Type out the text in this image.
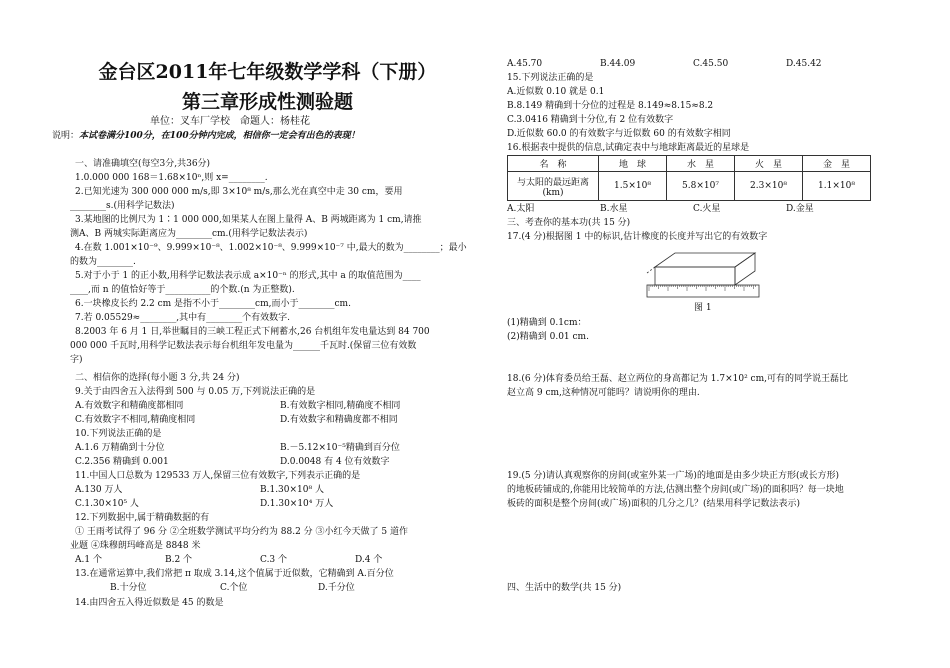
金台区2011年七年级数学学科（下册）
第三章形成性测验题
单位：叉车厂学校　命题人：杨桂花
说明：本试卷满分100分，在100分钟内完成，相信你一定会有出色的表现！
一、请准确填空(每空3分,共36分)
1.0.000 000 168＝1.68×10ⁿ,则 x=________.
2.已知光速为 300 000 000 m/s,即 3×10⁸ m/s,那么光在真空中走 30 cm，要用
________s.(用科学记数法)
3.某地图的比例尺为 1∶1 000 000,如果某人在图上量得 A、B 两城距离为 1 cm,请推
测A、B 两城实际距离应为________cm.(用科学记数法表示)
4.在数 1.001×10⁻⁹、9.999×10⁻⁸、1.002×10⁻⁸、9.999×10⁻⁷ 中,最大的数为________；最小
的数为________.
5.对于小于 1 的正小数,用科学记数法表示成 a×10⁻ⁿ 的形式,其中 a 的取值范围为____
____,而 n 的值恰好等于__________的个数.(n 为正整数).
6.一块橡皮长约 2.2 cm 是指不小于________cm,而小于________cm.
7.若 0.05529≈________,其中有________个有效数字.
8.2003 年 6 月 1 日,举世瞩目的三峡工程正式下闸蓄水,26 台机组年发电量达到 84 700
000 000 千瓦时,用科学记数法表示每台机组年发电量为______千瓦时.(保留三位有效数
字)
二、相信你的选择(每小题 3 分,共 24 分)
9.关于由四舍五入法得到 500 与 0.05 万,下列说法正确的是
A.有效数字和精确度都相同	B.有效数字相同,精确度不相同
C.有效数字不相同,精确度相同	D.有效数字和精确度都不相同
10.下列说法正确的是
A.1.6 万精确到十分位	B.－5.12×10⁻⁵精确到百分位
C.2.356 精确到 0.001	D.0.0048 有 4 位有效数字
11.中国人口总数为 129533 万人,保留三位有效数字,下列表示正确的是
A.130 万人	B.1.30×10⁸ 人
C.1.30×10⁵ 人	D.1.30×10⁴ 万人
12.下列数据中,属于精确数据的有
① 王雨考试得了 96 分 ②全班数学测试平均分约为 88.2 分 ③小红今天做了 5 道作
业题 ④珠穆朗玛峰高是 8848 米
A.1 个	B.2 个	C.3 个	D.4 个
13.在通常运算中,我们常把 π 取成 3.14,这个值属于近似数，它精确到 A.百分位
B.十分位	C.个位	D.千分位
14.由四舍五入得近似数是 45 的数是
A.45.70	B.44.09	C.45.50	D.45.42
15.下列说法正确的是
A.近似数 0.10 就是 0.1
B.8.149 精确到十分位的过程是 8.149≈8.15≈8.2
C.3.0416 精确到十分位,有 2 位有效数字
D.近似数 60.0 的有效数字与近似数 60 的有效数字相同
16.根据表中提供的信息,试确定表中与地球距离最近的星球是
名　称	地　球	水　星	火　星	金　星
与太阳的最远距离(km)	1.5×10⁸	5.8×10⁷	2.3×10⁸	1.1×10⁸
A.太阳	B.水星	C.火星	D.金星
三、考查你的基本功(共 15 分)
17.(4 分)根据图 1 中的标识,估计橡度的长度并写出它的有效数字
图 1
(1)精确到 0.1cm：
(2)精确到 0.01 cm.
18.(6 分)体育委员给王磊、赵立两位的身高都记为 1.7×10² cm,可有的同学说王磊比
赵立高 9 cm,这种情况可能吗？请说明你的理由.
19.(5 分)请认真观察你的房间(或室外某一广场)的地面是由多少块正方形(或长方形)
的地板砖铺成的,你能用比较简单的方法,估测出整个房间(或广场)的面积吗？每一块地
板砖的面积是整个房间(或广场)面积的几分之几？(结果用科学记数法表示)
四、生活中的数学(共 15 分)
